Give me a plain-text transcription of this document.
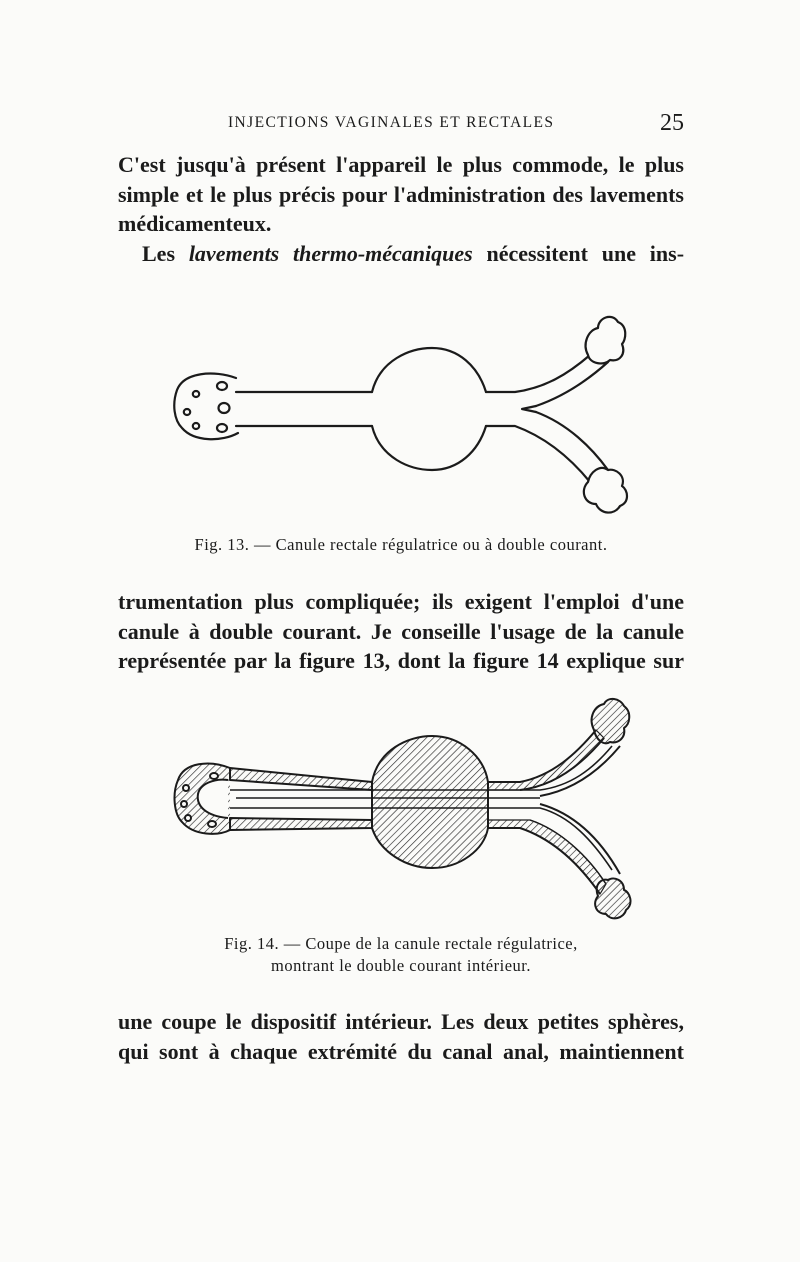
INJECTIONS VAGINALES ET RECTALES	25
C'est jusqu'à présent l'appareil le plus commode, le plus
simple et le plus précis pour l'administration des lavements
médicamenteux.
Les lavements thermo-mécaniques nécessitent une ins-
Fig. 13. — Canule rectale régulatrice ou à double courant.
trumentation plus compliquée; ils exigent l'emploi d'une
canule à double courant. Je conseille l'usage de la canule
représentée par la figure 13, dont la figure 14 explique sur
Fig. 14. — Coupe de la canule rectale régulatrice,
montrant le double courant intérieur.
une coupe le dispositif intérieur. Les deux petites sphères,
qui sont à chaque extrémité du canal anal, maintiennent
